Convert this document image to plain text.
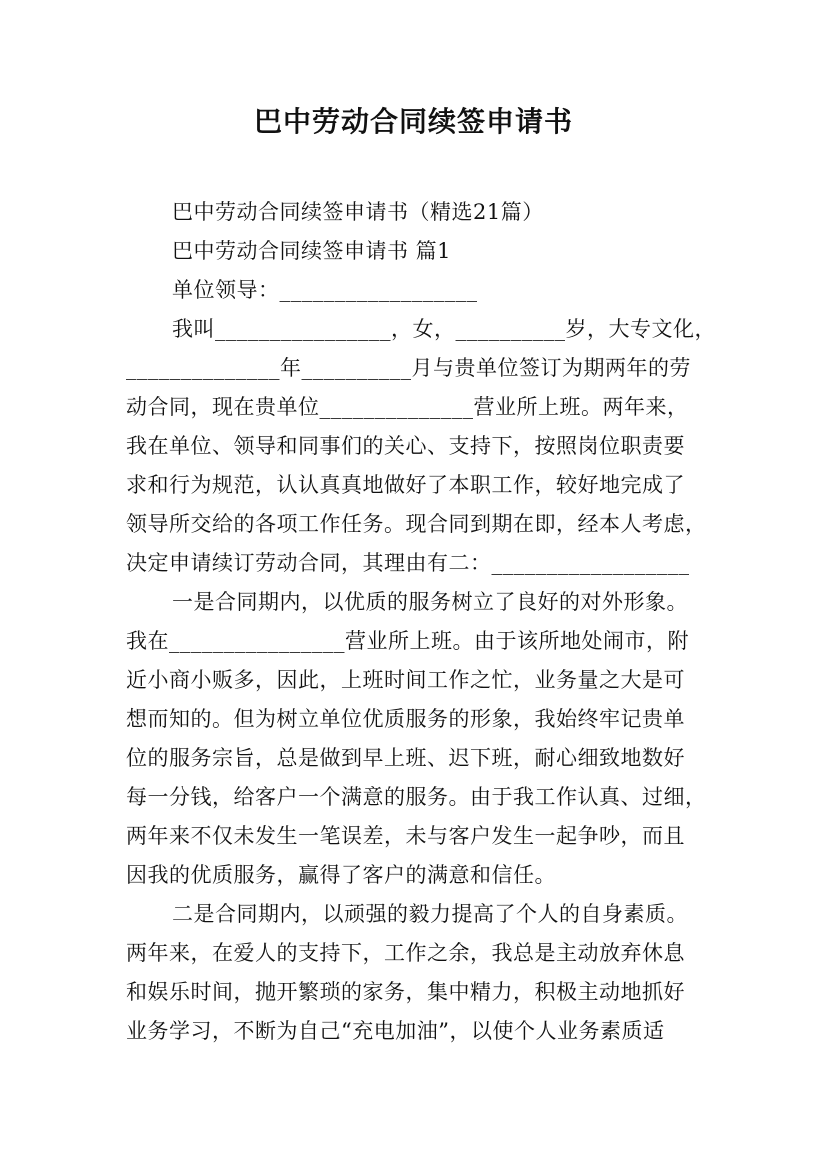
巴中劳动合同续签申请书
巴中劳动合同续签申请书（精选21篇）
巴中劳动合同续签申请书 篇1
单位领导：__________________
我叫________________，女，__________岁，大专文化，
______________年__________月与贵单位签订为期两年的劳
动合同，现在贵单位______________营业所上班。两年来，
我在单位、领导和同事们的关心、支持下，按照岗位职责要
求和行为规范，认认真真地做好了本职工作，较好地完成了
领导所交给的各项工作任务。现合同到期在即，经本人考虑，
决定申请续订劳动合同，其理由有二：__________________
一是合同期内，以优质的服务树立了良好的对外形象。
我在________________营业所上班。由于该所地处闹市，附
近小商小贩多，因此，上班时间工作之忙，业务量之大是可
想而知的。但为树立单位优质服务的形象，我始终牢记贵单
位的服务宗旨，总是做到早上班、迟下班，耐心细致地数好
每一分钱，给客户一个满意的服务。由于我工作认真、过细，
两年来不仅未发生一笔误差，未与客户发生一起争吵，而且
因我的优质服务，赢得了客户的满意和信任。
二是合同期内，以顽强的毅力提高了个人的自身素质。
两年来，在爱人的支持下，工作之余，我总是主动放弃休息
和娱乐时间，抛开繁琐的家务，集中精力，积极主动地抓好
业务学习，不断为自己“充电加油”，以使个人业务素质适
